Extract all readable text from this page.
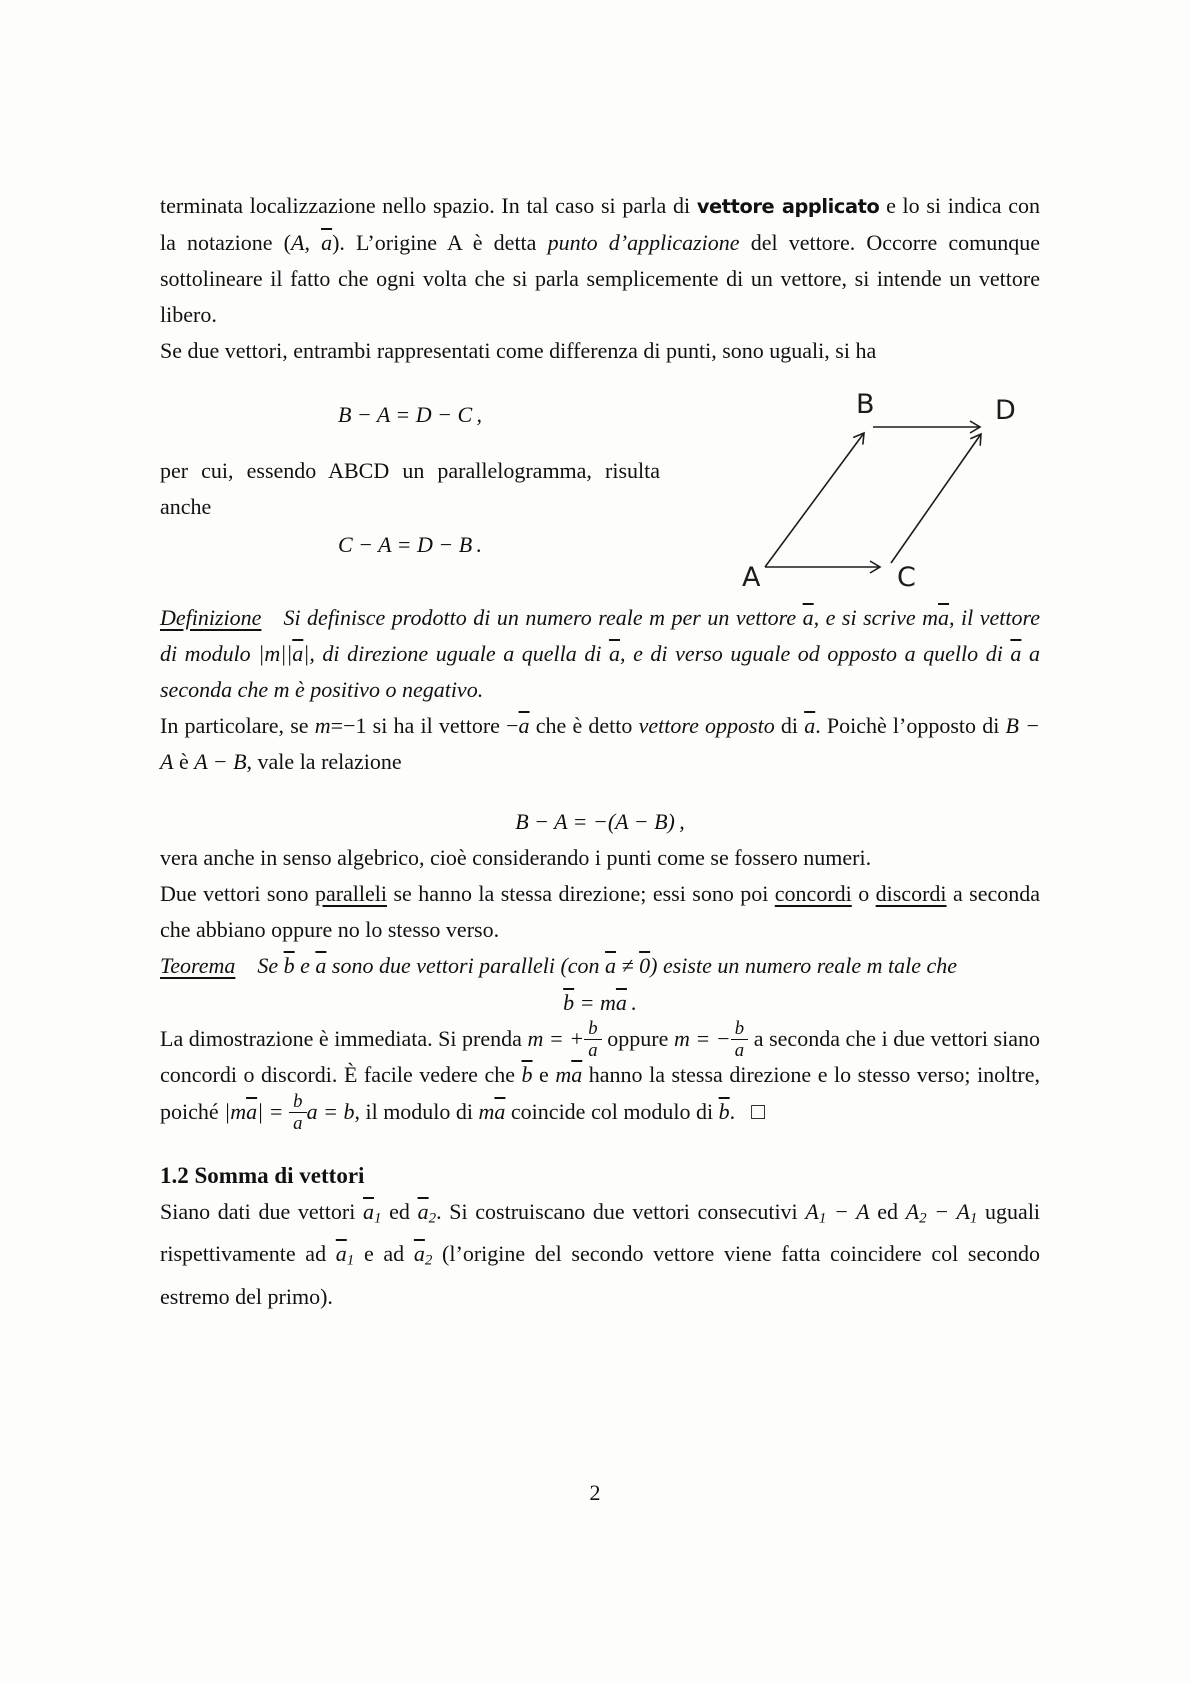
terminata localizzazione nello spazio. In tal caso si parla di vettore applicato e lo si indica con la notazione (A, $\overline{a}$). L’origine A è detta punto d’applicazione del vettore. Occorre comunque sottolineare il fatto che ogni volta che si parla semplicemente di un vettore, si intende un vettore libero.

Se due vettori, entrambi rappresentati come differenza di punti, sono uguali, si ha

B − A = D − C ,

per cui, essendo ABCD un parallelogramma, risulta anche

C − A = D − B .
A
B
C
D

Definizione Si definisce prodotto di un numero reale m per un vettore $\overline{a}$, e si scrive $m\overline{a}$, il vettore di modulo $|m||\overline{a}|$, di direzione uguale a quella di $\overline{a}$, e di verso uguale od opposto a quello di $\overline{a}$ a seconda che m è positivo o negativo.

In particolare, se m=−1 si ha il vettore $-\overline{a}$ che è detto vettore opposto di $\overline{a}$. Poichè l’opposto di B − A è A − B, vale la relazione

B − A = −(A − B) ,

vera anche in senso algebrico, cioè considerando i punti come se fossero numeri.

Due vettori sono paralleli se hanno la stessa direzione; essi sono poi concordi o discordi a seconda che abbiano oppure no lo stesso verso.

Teorema Se $\overline{b}$ e $\overline{a}$ sono due vettori paralleli (con $\overline{a} \ne 0$) esiste un numero reale m tale che

$\overline{b} = m\overline{a}$ .

La dimostrazione è immediata. Si prenda m = + $\frac{b}{a}$ oppure m = − $\frac{b}{a}$ a seconda che i due vettori siano concordi o discordi. È facile vedere che $\overline{b}$ e $m\overline{a}$ hanno la stessa direzione e lo stesso verso; inoltre, poiché $|m\overline{a}| = \frac{b}{a}$ a = b, il modulo di $m\overline{a}$ coincide col modulo di $\overline{b}$. □

1.2 Somma di vettori

Siano dati due vettori $\overline{a}_1$ ed $\overline{a}_2$. Si costruiscano due vettori consecutivi $A_1 - A$ ed $A_2 - A_1$ uguali rispettivamente ad $\overline{a}_1$ e ad $\overline{a}_2$ (l’origine del secondo vettore viene fatta coincidere col secondo estremo del primo).

2
